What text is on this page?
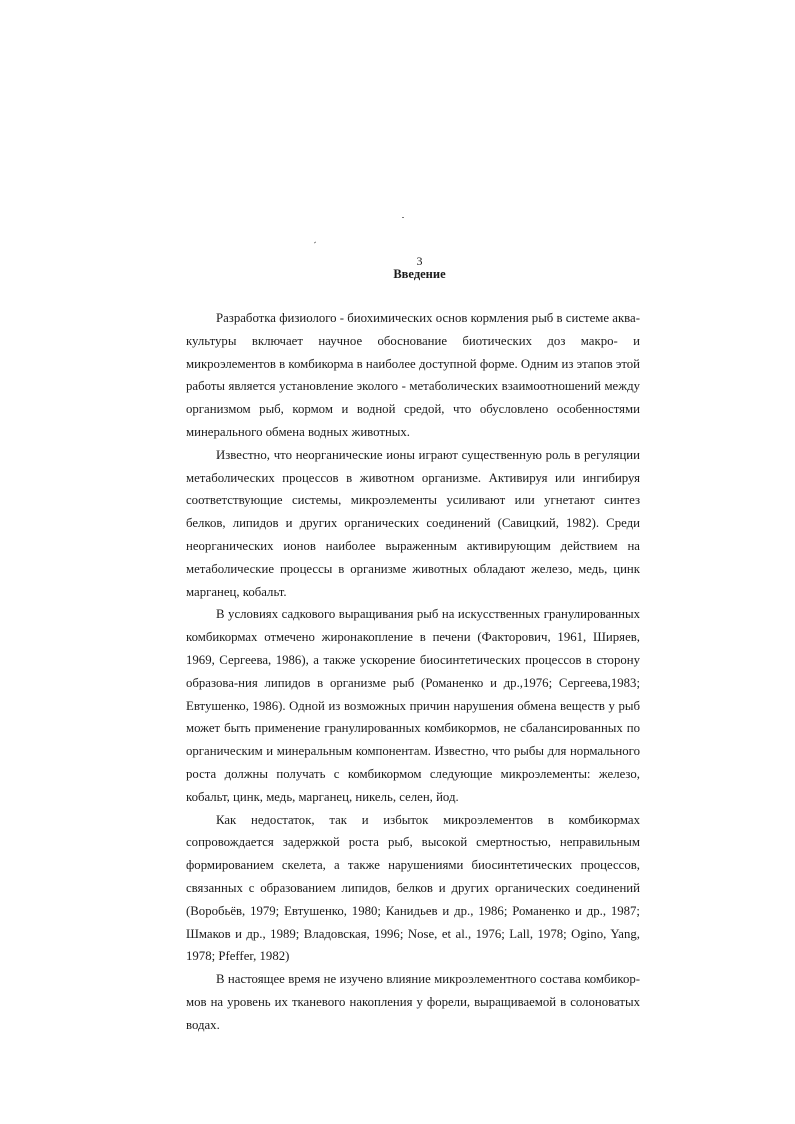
3
Введение

Разработка физиолого - биохимических основ кормления рыб в системе аква-культуры включает научное обоснование биотических доз макро- и микроэлементов в комбикорма в наиболее доступной форме. Одним из этапов этой работы является установление эколого - метаболических взаимоотношений между организмом рыб, кормом и водной средой, что обусловлено особенностями минерального обмена водных животных.

Известно, что неорганические ионы играют существенную роль в регуляции метаболических процессов в животном организме. Активируя или ингибируя соответствующие системы, микроэлементы усиливают или угнетают синтез белков, липидов и других органических соединений (Савицкий, 1982). Среди неорганических ионов наиболее выраженным активирующим действием на метаболические процессы в организме животных обладают железо, медь, цинк марганец, кобальт.

В условиях садкового выращивания рыб на искусственных гранулированных комбикормах отмечено жиронакопление в печени (Факторович, 1961, Ширяев, 1969, Сергеева, 1986), а также ускорение биосинтетических процессов в сторону образова-ния липидов в организме рыб (Романенко и др.,1976; Сергеева,1983; Евтушенко, 1986). Одной из возможных причин нарушения обмена веществ у рыб может быть применение гранулированных комбикормов, не сбалансированных по органическим и минеральным компонентам. Известно, что рыбы для нормального роста должны получать с комбикормом следующие микроэлементы: железо, кобальт, цинк, медь, марганец, никель, селен, йод.

Как недостаток, так и избыток микроэлементов в комбикормах сопровождается задержкой роста рыб, высокой смертностью, неправильным формированием скелета, а также нарушениями биосинтетических процессов, связанных с образованием липидов, белков и других органических соединений (Воробьёв, 1979; Евтушенко, 1980; Канидьев и др., 1986; Романенко и др., 1987; Шмаков и др., 1989; Владовская, 1996; Nose, et al., 1976; Lall, 1978; Ogino, Yang, 1978; Pfeffer, 1982)

В настоящее время не изучено влияние микроэлементного состава комбикор-мов на уровень их тканевого накопления у форели, выращиваемой в солоноватых водах.
